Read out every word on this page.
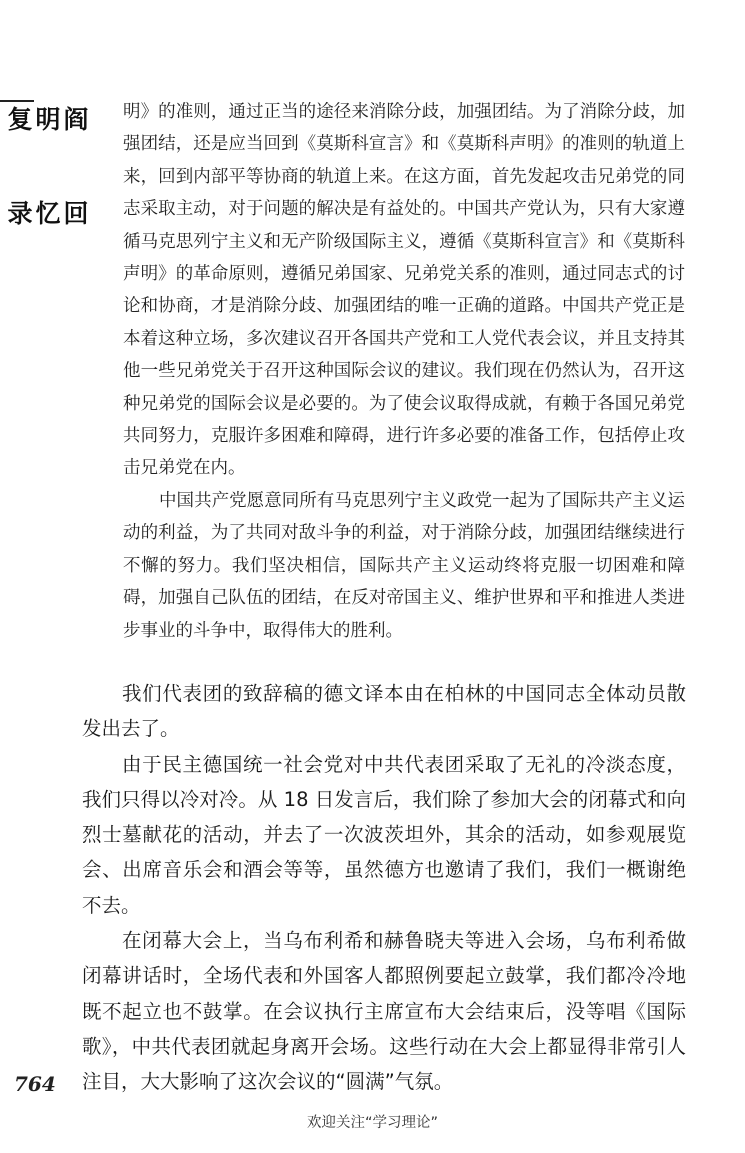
阎明复
回忆录

明》的准则，通过正当的途径来消除分歧，加强团结。为了消除分歧，加强团结，还是应当回到《莫斯科宣言》和《莫斯科声明》的准则的轨道上来，回到内部平等协商的轨道上来。在这方面，首先发起攻击兄弟党的同志采取主动，对于问题的解决是有益处的。中国共产党认为，只有大家遵循马克思列宁主义和无产阶级国际主义，遵循《莫斯科宣言》和《莫斯科声明》的革命原则，遵循兄弟国家、兄弟党关系的准则，通过同志式的讨论和协商，才是消除分歧、加强团结的唯一正确的道路。中国共产党正是本着这种立场，多次建议召开各国共产党和工人党代表会议，并且支持其他一些兄弟党关于召开这种国际会议的建议。我们现在仍然认为，召开这种兄弟党的国际会议是必要的。为了使会议取得成就，有赖于各国兄弟党共同努力，克服许多困难和障碍，进行许多必要的准备工作，包括停止攻击兄弟党在内。

中国共产党愿意同所有马克思列宁主义政党一起为了国际共产主义运动的利益，为了共同对敌斗争的利益，对于消除分歧，加强团结继续进行不懈的努力。我们坚决相信，国际共产主义运动终将克服一切困难和障碍，加强自己队伍的团结，在反对帝国主义、维护世界和平和推进人类进步事业的斗争中，取得伟大的胜利。

我们代表团的致辞稿的德文译本由在柏林的中国同志全体动员散发出去了。

由于民主德国统一社会党对中共代表团采取了无礼的冷淡态度，我们只得以冷对冷。从 18 日发言后，我们除了参加大会的闭幕式和向烈士墓献花的活动，并去了一次波茨坦外，其余的活动，如参观展览会、出席音乐会和酒会等等，虽然德方也邀请了我们，我们一概谢绝不去。

在闭幕大会上，当乌布利希和赫鲁晓夫等进入会场，乌布利希做闭幕讲话时，全场代表和外国客人都照例要起立鼓掌，我们都冷冷地既不起立也不鼓掌。在会议执行主席宣布大会结束后，没等唱《国际歌》，中共代表团就起身离开会场。这些行动在大会上都显得非常引人注目，大大影响了这次会议的“圆满”气氛。

764
欢迎关注“学习理论”
